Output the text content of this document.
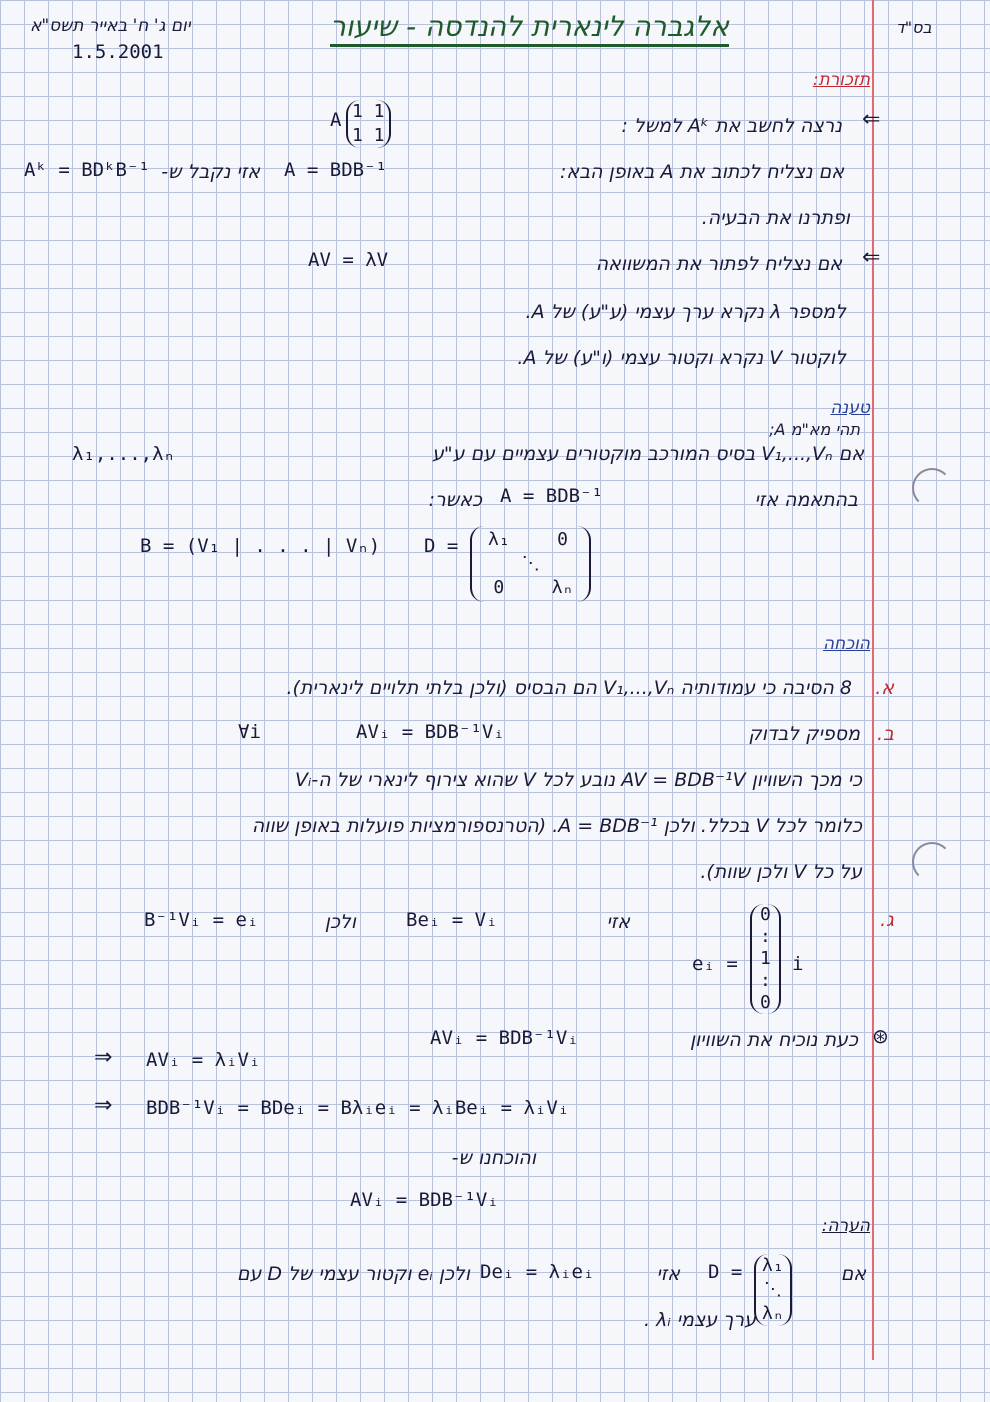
בס"ד
אלגברה לינארית להנדסה - שיעור
יום ג' ח' באייר תשס"א
1.5.2001
תזכורת:
⇐
נרצה לחשב את Aᵏ למשל :
A 1 1
1 1
אם נצליח לכתוב את A באופן הבא:
A = BDB⁻¹
אזי נקבל ש-
Aᵏ = BDᵏB⁻¹
ופתרנו את הבעיה.
⇐
אם נצליח לפתור את המשוואה
AV = λV
למספר λ נקרא ערך עצמי (ע"ע) של A.
לוקטור V נקרא וקטור עצמי (ו"ע) של A.
טענה
תהי מא"מ A;
אם V₁,...,Vₙ בסיס המורכב מוקטורים עצמיים עם ע"ע
λ₁,...,λₙ
בהתאמה אזי
A = BDB⁻¹
כאשר:
B = (V₁ | . . . | Vₙ) D = λ₁		0
	⋱	
0		λₙ
הוכחה
א.
8 הסיבה כי עמודותיה V₁,...,Vₙ הם הבסיס (ולכן בלתי תלויים לינארית).
ב.
מספיק לבדוק
AVᵢ = BDB⁻¹Vᵢ
∀i
כי מכך השוויון AV = BDB⁻¹V נובע לכל V שהוא צירוף לינארי של ה-Vᵢ
כלומר לכל V בכלל. ולכן A = BDB⁻¹. (הטרנספורמציות פועלות באופן שווה
על כל V ולכן שוות).
ג.
אזי
Beᵢ = Vᵢ
ולכן
B⁻¹Vᵢ = eᵢ
eᵢ =
0
:
1
:
0
i
⊛
כעת נוכיח את השוויון
AVᵢ = BDB⁻¹Vᵢ
⇒ AVᵢ = λᵢVᵢ
⇒ BDB⁻¹Vᵢ = BDeᵢ = Bλᵢeᵢ = λᵢBeᵢ = λᵢVᵢ
והוכחנו ש-
AVᵢ = BDB⁻¹Vᵢ
הערה:
אם
D = λ₁
⋱
λₙ
אזי
Deᵢ = λᵢeᵢ
ולכן eᵢ וקטור עצמי של D עם
ערך עצמי λᵢ .
